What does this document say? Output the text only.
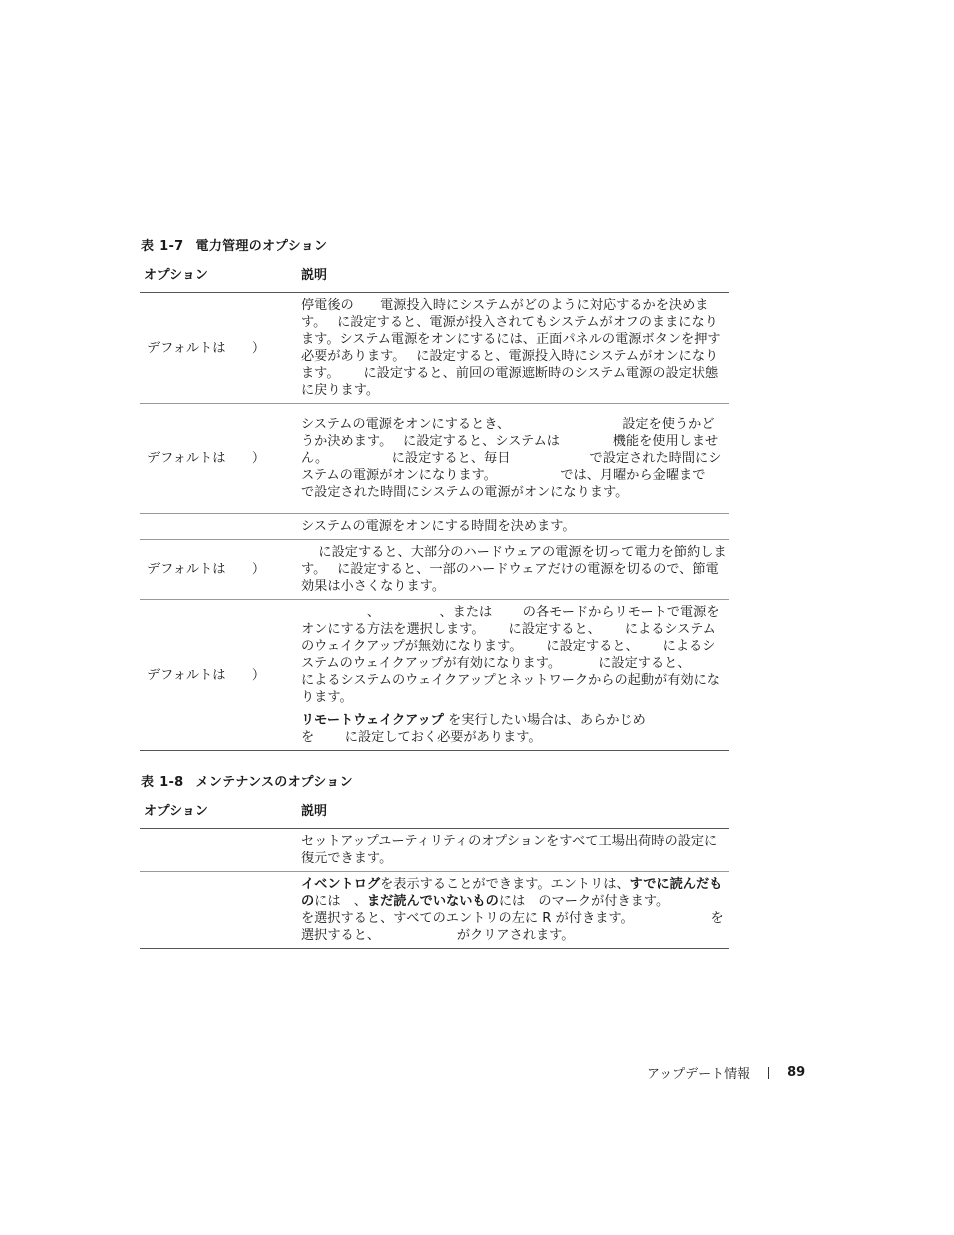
表 1-7 電力管理のオプション
オプション	説明
デフォルトは　　）	停電後の　　電源投入時にシステムがどのように対応するかを決めます。　 に設定すると、電源が投入されてもシステムがオフのままになります。システム電源をオンにするには、正面パネルの電源ボタンを押す必要があります。　 に設定すると、電源投入時にシステムがオンになります。　　 に設定すると、前回の電源遮断時のシステム電源の設定状態に戻ります。

デフォルトは　　）	システムの電源をオンにするとき、　　　　　　　　　設定を使うかどうか決めます。　 に設定すると、システムは　　　　機能を使用しません。　　　　　 に設定すると、毎日　　　　　　で設定された時間にシステムの電源がオンになります。　　　　　 では、月曜から金曜まで　　　　　　　　　　 で設定された時間にシステムの電源がオンになります。

	システムの電源をオンにする時間を決めます。

デフォルトは　　）	　 に設定すると、大部分のハードウェアの電源を切って電力を節約します。　 に設定すると、一部のハードウェアだけの電源を切るので、節電効果は小さくなります。

デフォルトは　　）	　　　　　、　　　　　、または　　 の各モードからリモートで電源をオンにする方法を選択します。　　 に設定すると、　　 によるシステムのウェイクアップが無効になります。　　 に設定すると、　　 によるシステムのウェイクアップが有効になります。　　　 に設定すると、　　 によるシステムのウェイクアップとネットワークからの起動が有効になります。

リモートウェイクアップ を実行したい場合は、あらかじめ　　　　　　　　　　　　　　を　　 に設定しておく必要があります。

表 1-8 メンテナンスのオプション
オプション	説明

	セットアップユーティリティのオプションをすべて工場出荷時の設定に復元できます。

	イベントログを表示することができます。エントリは、すでに読んだものには　、まだ読んでいないものには　のマークが付きます。　　　　　　　　　　 を選択すると、すべてのエントリの左に R が付きます。　　　　　　 を選択すると、　　　　　　 がクリアされます。

アップデート情報	89
